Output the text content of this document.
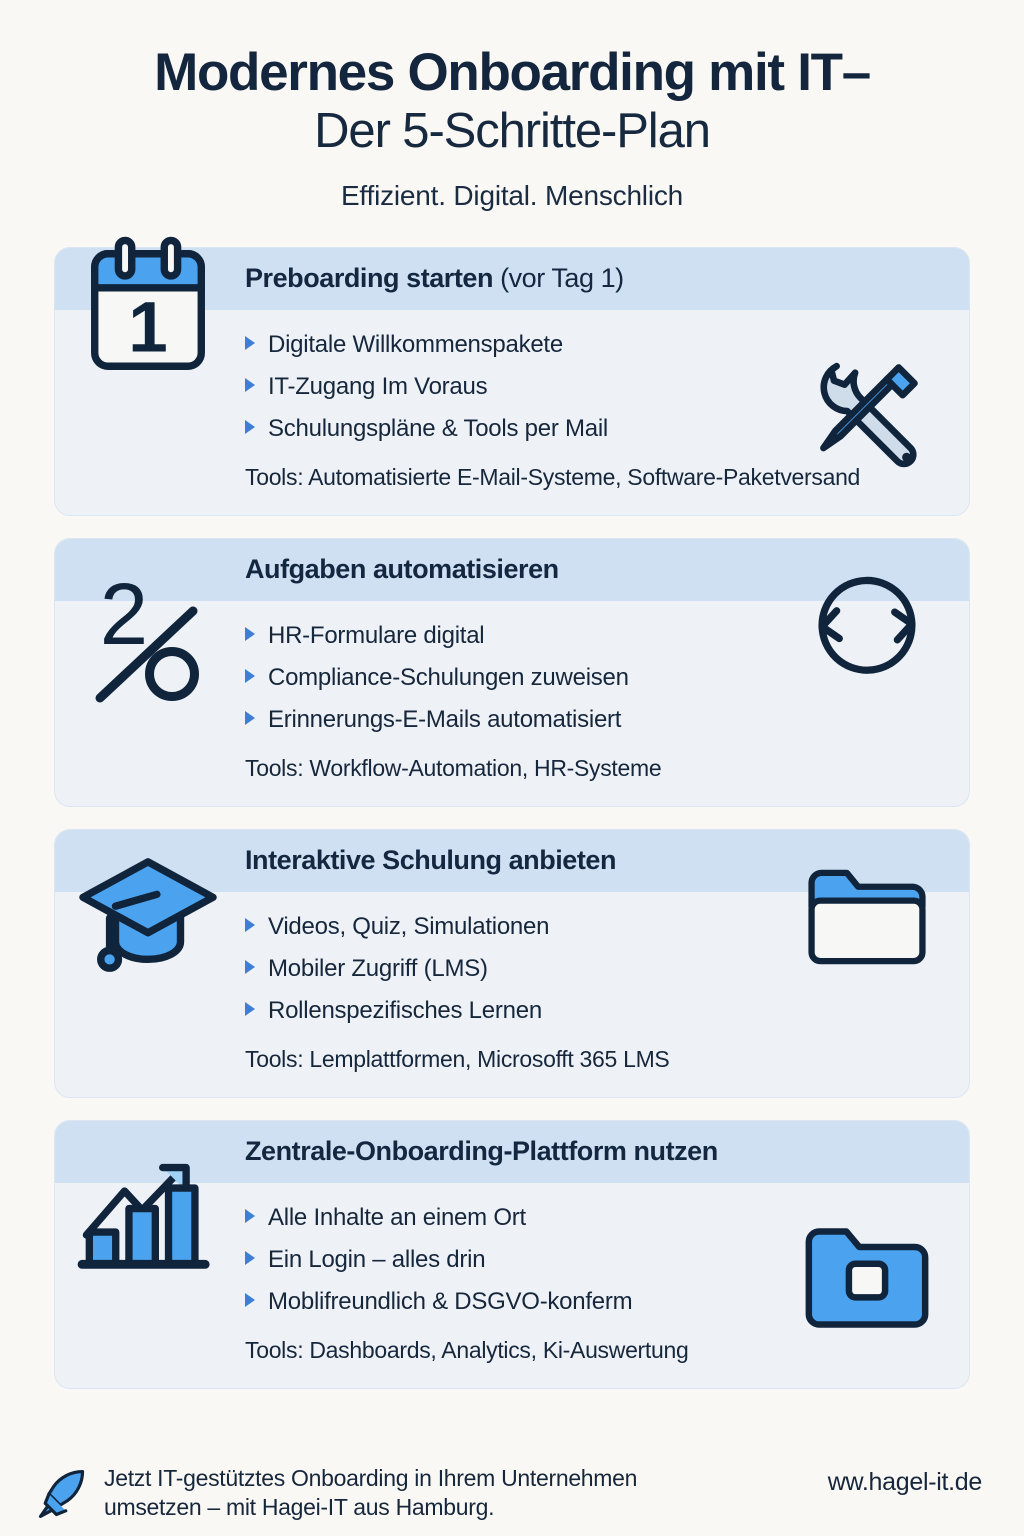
Modernes Onboarding mit IT–
Der 5-Schritte-Plan
Effizient. Digital. Menschlich
Preboarding starten (vor Tag 1)
Digitale Willkommenspakete
IT-Zugang Im Voraus
Schulungspläne & Tools per Mail
Tools: Automatisierte E-Mail-Systeme, Software-Paketversand
1
Aufgaben automatisieren
HR-Formulare digital
Compliance-Schulungen zuweisen
Erinnerungs-E-Mails automatisiert
Tools: Workflow-Automation, HR-Systeme
2
Interaktive Schulung anbieten
Videos, Quiz, Simulationen
Mobiler Zugriff (LMS)
Rollenspezifisches Lernen
Tools: Lemplattformen, Microsofft 365 LMS
Zentrale-Onboarding-Plattform nutzen
Alle Inhalte an einem Ort
Ein Login – alles drin
Moblifreundlich & DSGVO-konferm
Tools: Dashboards, Analytics, Ki-Auswertung
Jetzt IT-gestütztes Onboarding in Ihrem Unternehmen
umsetzen – mit Hagei-IT aus Hamburg.
ww.hagel-it.de
